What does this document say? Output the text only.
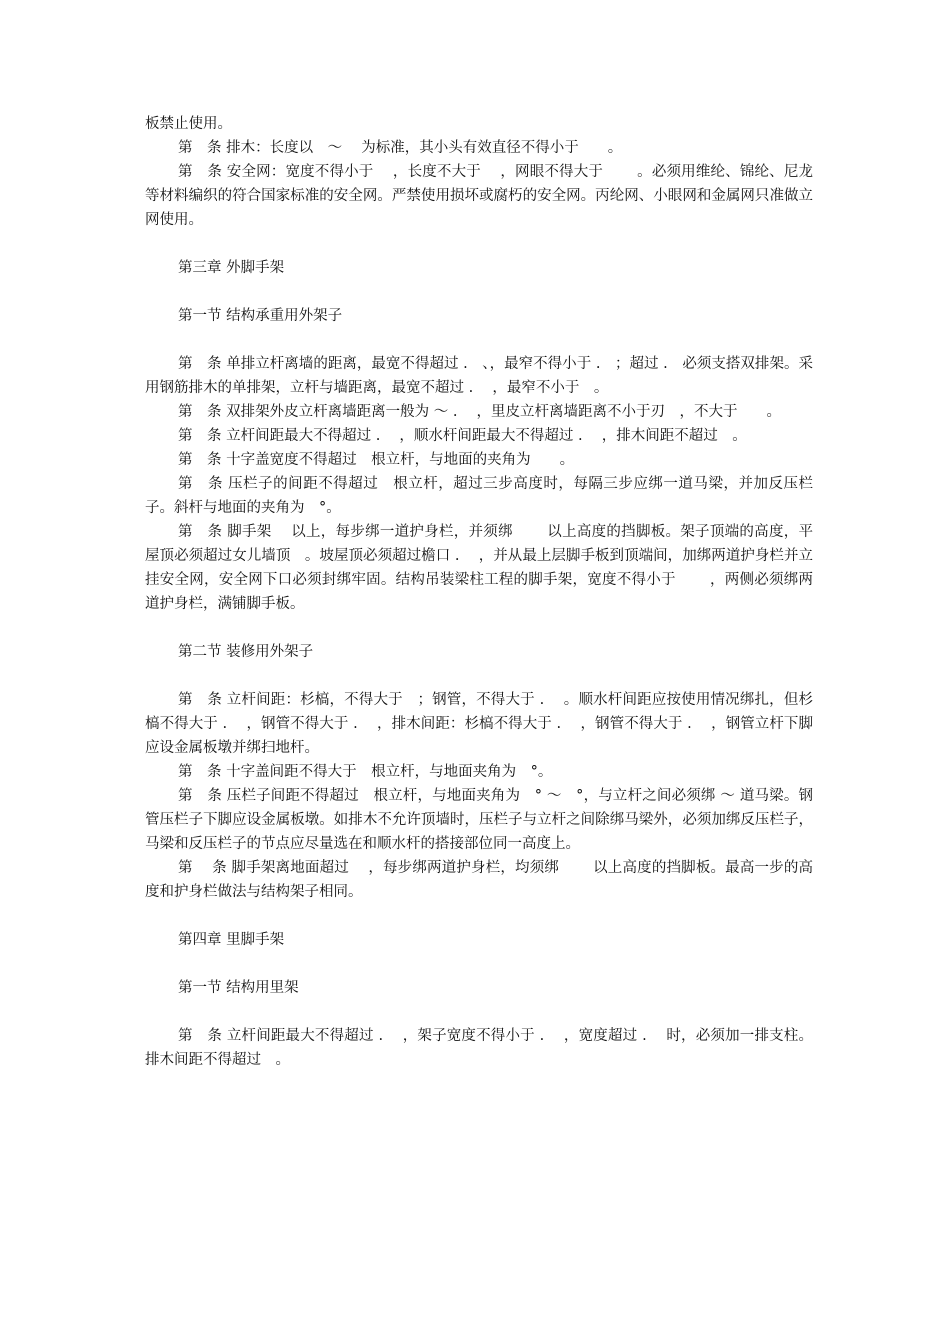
板禁止使用。

第　条 排木：长度以　～　 为标准，其小头有效直径不得小于　　。

第　条 安全网：宽度不得小于　 ，长度不大于　 ，网眼不得大于　　 。必须用维纶、锦纶、尼龙等材料编织的符合国家标准的安全网。严禁使用损坏或腐朽的安全网。丙纶网、小眼网和金属网只准做立网使用。

第三章 外脚手架

第一节 结构承重用外架子

第　条 单排立杆离墙的距离，最宽不得超过 .　、，最窄不得小于 .　；超过 .　必须支搭双排架。采用钢筋排木的单排架，立杆与墙距离，最宽不超过 .　 ，最窄不小于　。

第　条 双排架外皮立杆离墙距离一般为 ～ .　 ，里皮立杆离墙距离不小于刃　，不大于　　。

第　条 立杆间距最大不得超过 .　 ，顺水杆间距最大不得超过 .　 ，排木间距不超过　。

第　条 十字盖宽度不得超过　根立杆，与地面的夹角为　　。

第　条 压栏子的间距不得超过　根立杆，超过三步高度时，每隔三步应绑一道马梁，并加反压栏子。斜杆与地面的夹角为　°。

第　条 脚手架　 以上，每步绑一道护身栏，并须绑　　 以上高度的挡脚板。架子顶端的高度，平屋顶必须超过女儿墙顶　。坡屋顶必须超过檐口 .　 ，并从最上层脚手板到顶端间，加绑两道护身栏并立挂安全网，安全网下口必须封绑牢固。结构吊装梁柱工程的脚手架，宽度不得小于　　 ，两侧必须绑两道护身栏，满铺脚手板。

第二节 装修用外架子

第　条 立杆间距：杉槁，不得大于　；钢管，不得大于 .　 。顺水杆间距应按使用情况绑扎，但杉槁不得大于 .　 ，钢管不得大于 .　 ，排木间距：杉槁不得大于 .　 ，钢管不得大于 .　 ，钢管立杆下脚应设金属板墩并绑扫地杆。

第　条 十字盖间距不得大于　根立杆，与地面夹角为　°。

第　条 压栏子间距不得超过　根立杆，与地面夹角为　° ～　°，与立杆之间必须绑 ～ 道马梁。钢管压栏子下脚应设金属板墩。如排木不允许顶墙时，压栏子与立杆之间除绑马梁外，必须加绑反压栏子，马梁和反压栏子的节点应尽量选在和顺水杆的搭接部位同一高度上。

第　 条 脚手架离地面超过　 ，每步绑两道护身栏，均须绑　　 以上高度的挡脚板。最高一步的高度和护身栏做法与结构架子相同。

第四章 里脚手架

第一节 结构用里架

第　条 立杆间距最大不得超过 .　 ，架子宽度不得小于 .　 ，宽度超过 .　 时，必须加一排支柱。排木间距不得超过　。
